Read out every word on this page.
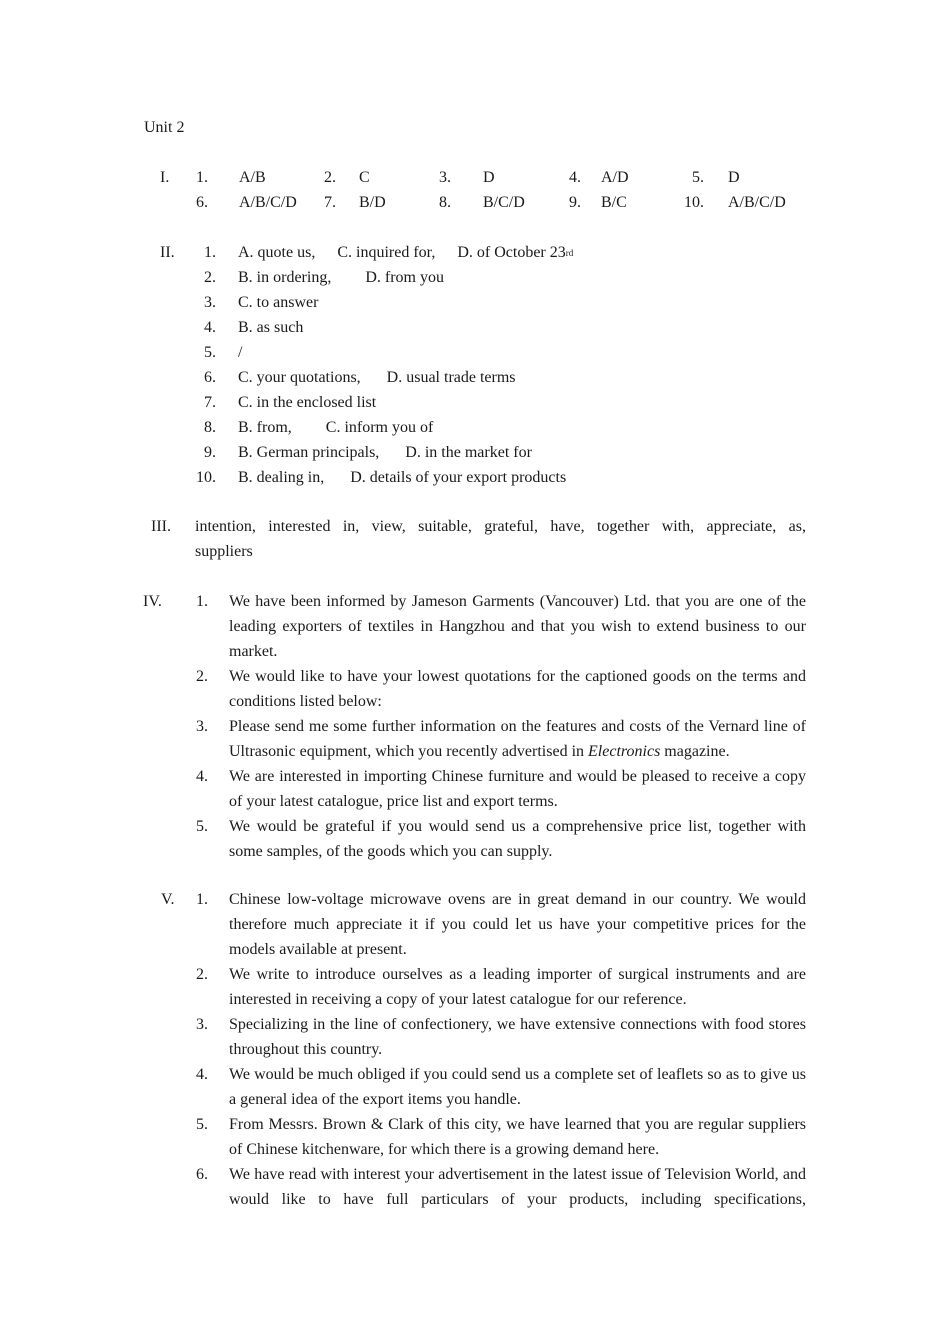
Unit 2
I. 1. A/B	2. C	3. D	4. A/D	5. D
6. A/B/C/D 7. B/D	8. B/C/D	9. B/C	10. A/B/C/D
II.	1. A. quote us, C. inquired for, D. of October 23rd
2. B. in ordering, D. from you
3. C. to answer
4. B. as such
5. /
6. C. your quotations, D. usual trade terms
7. C. in the enclosed list
8. B. from, C. inform you of
9. B. German principals, D. in the market for
10. B. dealing in, D. details of your export products
III. intention, interested in, view, suitable, grateful, have, together with, appreciate, as,
suppliers
IV. 1. We have been informed by Jameson Garments (Vancouver) Ltd. that you are one of the leading exporters of textiles in Hangzhou and that you wish to extend business to our market.
2. We would like to have your lowest quotations for the captioned goods on the terms and conditions listed below:
3. Please send me some further information on the features and costs of the Vernard line of Ultrasonic equipment, which you recently advertised in Electronics magazine.
4. We are interested in importing Chinese furniture and would be pleased to receive a copy of your latest catalogue, price list and export terms.
5. We would be grateful if you would send us a comprehensive price list, together with some samples, of the goods which you can supply.
V. 1. Chinese low-voltage microwave ovens are in great demand in our country. We would therefore much appreciate it if you could let us have your competitive prices for the models available at present.
2. We write to introduce ourselves as a leading importer of surgical instruments and are interested in receiving a copy of your latest catalogue for our reference.
3. Specializing in the line of confectionery, we have extensive connections with food stores throughout this country.
4. We would be much obliged if you could send us a complete set of leaflets so as to give us a general idea of the export items you handle.
5. From Messrs. Brown & Clark of this city, we have learned that you are regular suppliers of Chinese kitchenware, for which there is a growing demand here.
6. We have read with interest your advertisement in the latest issue of Television World, and would like to have full particulars of your products, including specifications,
